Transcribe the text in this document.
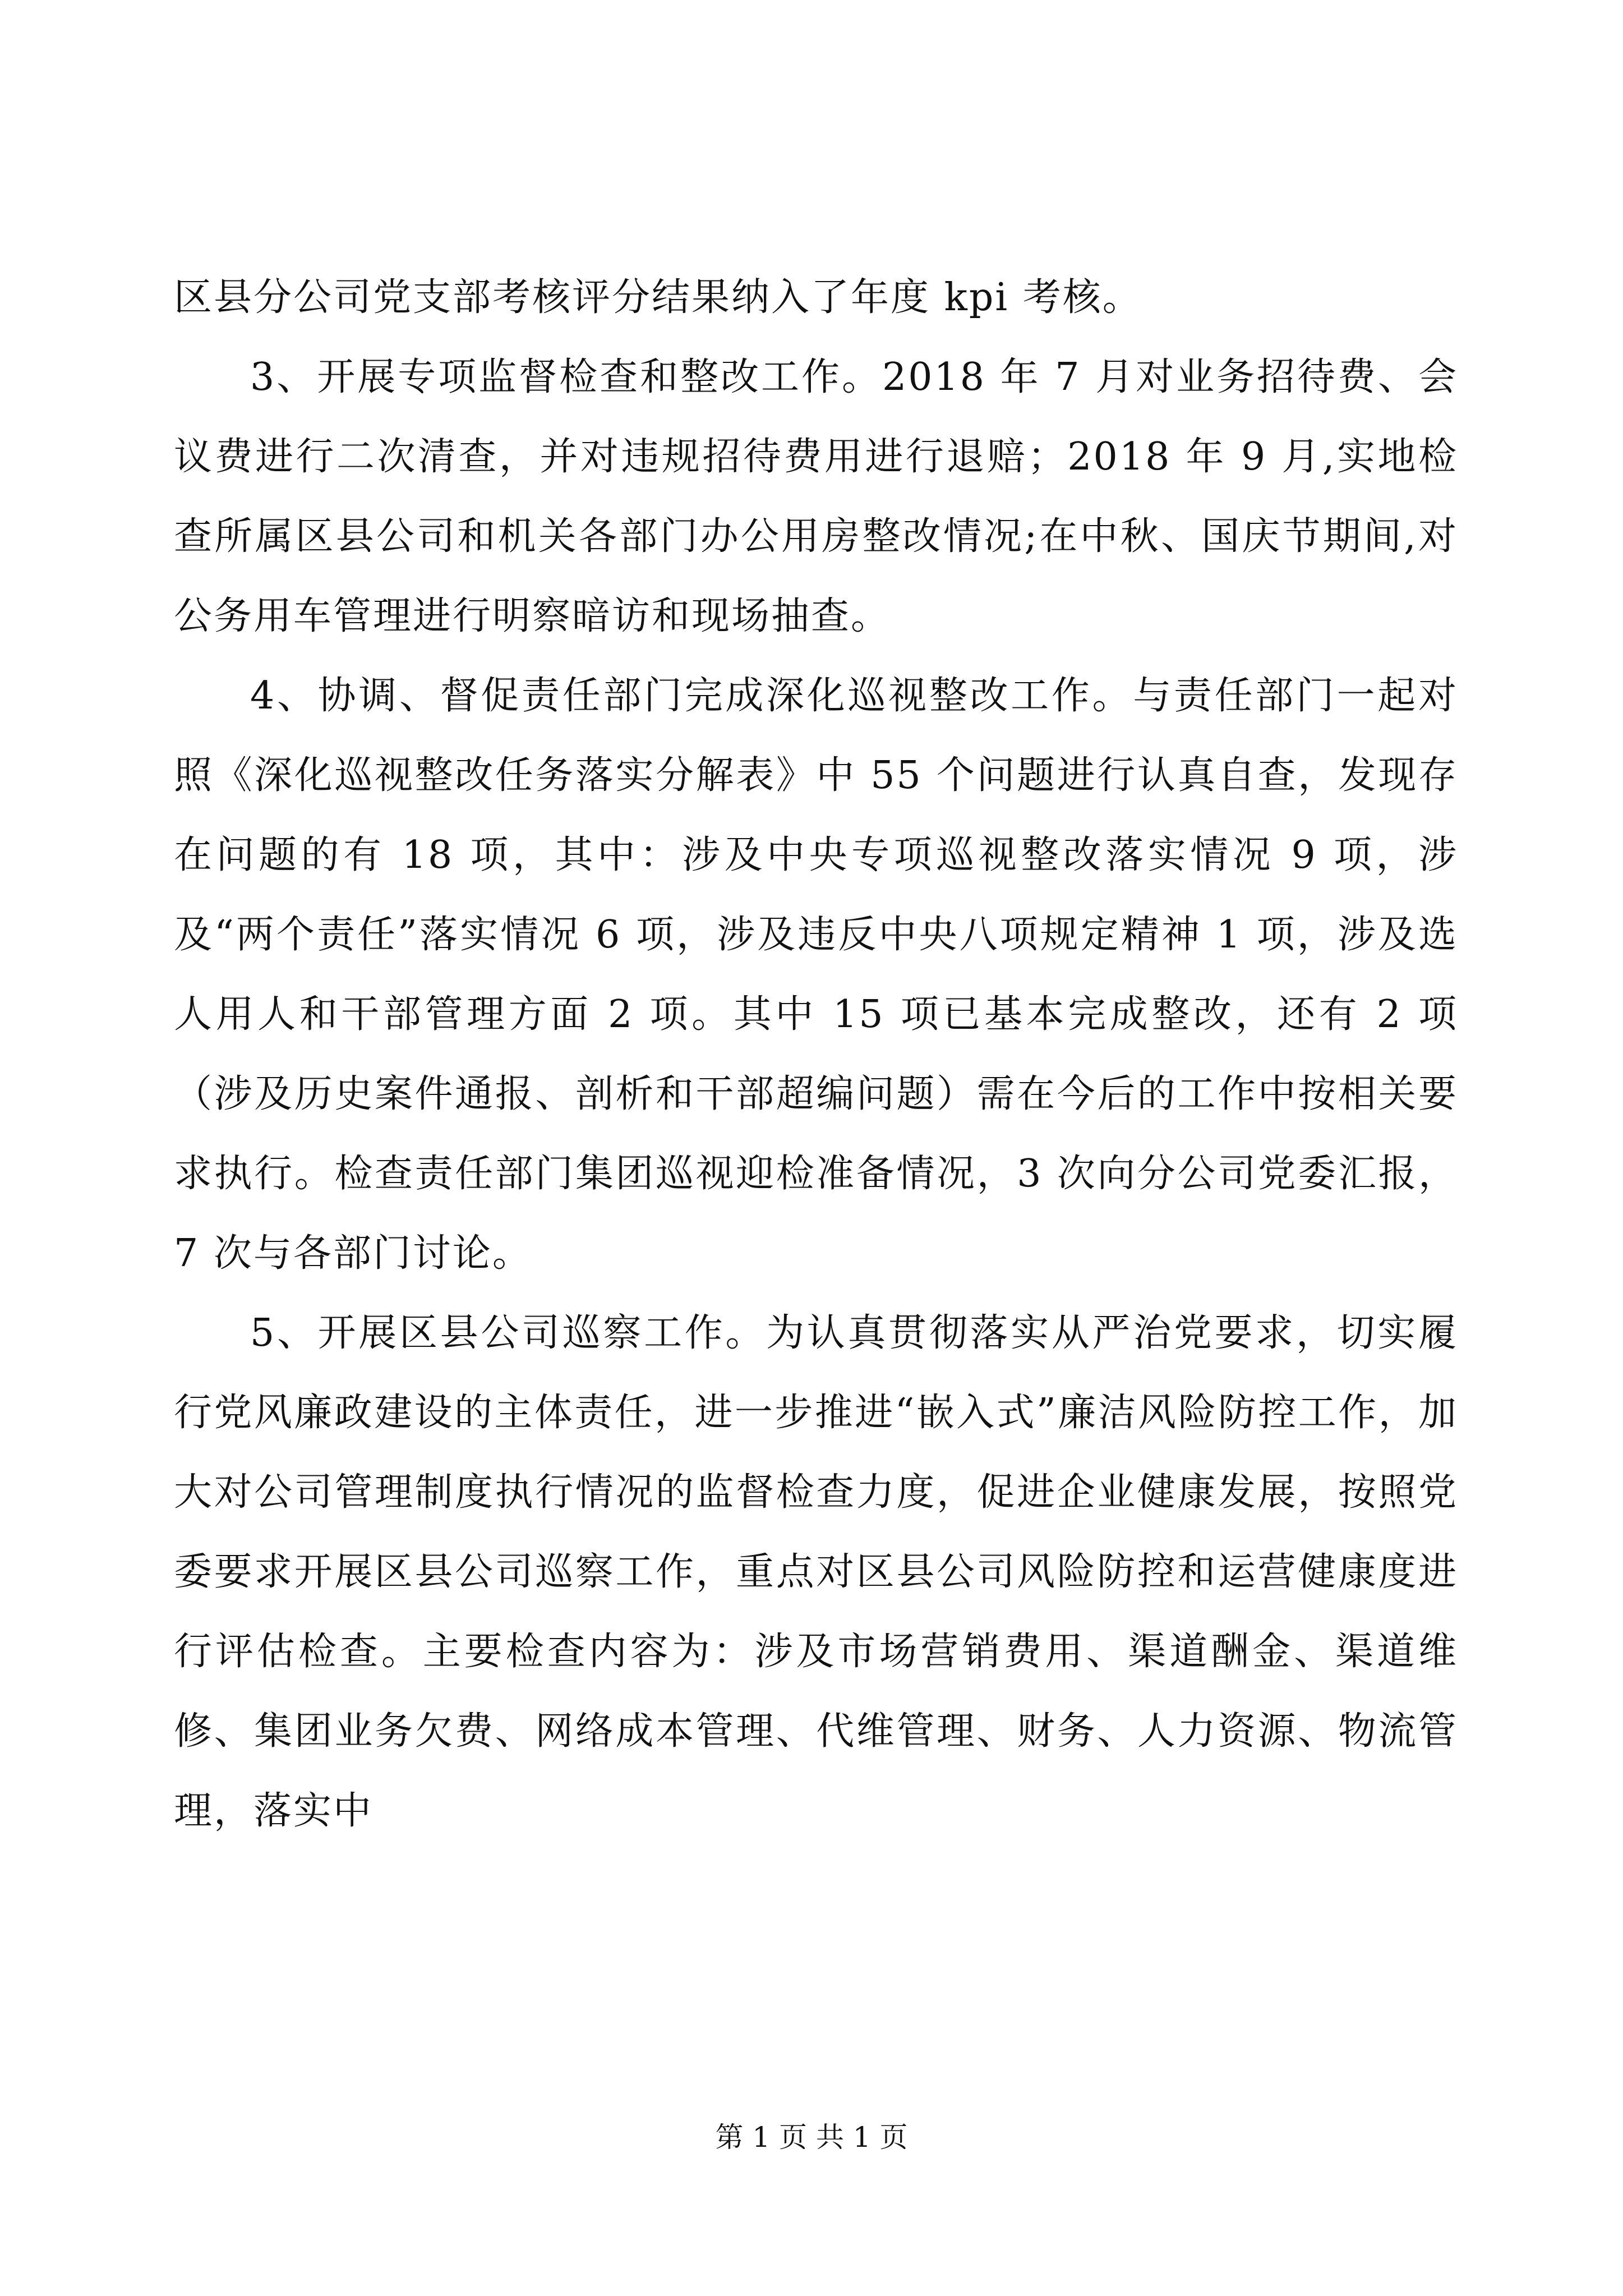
区县分公司党支部考核评分结果纳入了年度 kpi 考核。

3、开展专项监督检查和整改工作。2018 年 7 月对业务招待费、会议费进行二次清查，并对违规招待费用进行退赔；2018 年 9 月,实地检查所属区县公司和机关各部门办公用房整改情况;在中秋、国庆节期间,对公务用车管理进行明察暗访和现场抽查。

4、协调、督促责任部门完成深化巡视整改工作。与责任部门一起对照《深化巡视整改任务落实分解表》中 55 个问题进行认真自查，发现存在问题的有 18 项，其中：涉及中央专项巡视整改落实情况 9 项，涉及“两个责任”落实情况 6 项，涉及违反中央八项规定精神 1 项，涉及选人用人和干部管理方面 2 项。其中 15 项已基本完成整改，还有 2 项（涉及历史案件通报、剖析和干部超编问题）需在今后的工作中按相关要求执行。检查责任部门集团巡视迎检准备情况，3 次向分公司党委汇报，7 次与各部门讨论。

5、开展区县公司巡察工作。为认真贯彻落实从严治党要求，切实履行党风廉政建设的主体责任，进一步推进“嵌入式”廉洁风险防控工作，加大对公司管理制度执行情况的监督检查力度，促进企业健康发展，按照党委要求开展区县公司巡察工作，重点对区县公司风险防控和运营健康度进行评估检查。主要检查内容为：涉及市场营销费用、渠道酬金、渠道维修、集团业务欠费、网络成本管理、代维管理、财务、人力资源、物流管理，落实中

第 1 页 共 1 页
